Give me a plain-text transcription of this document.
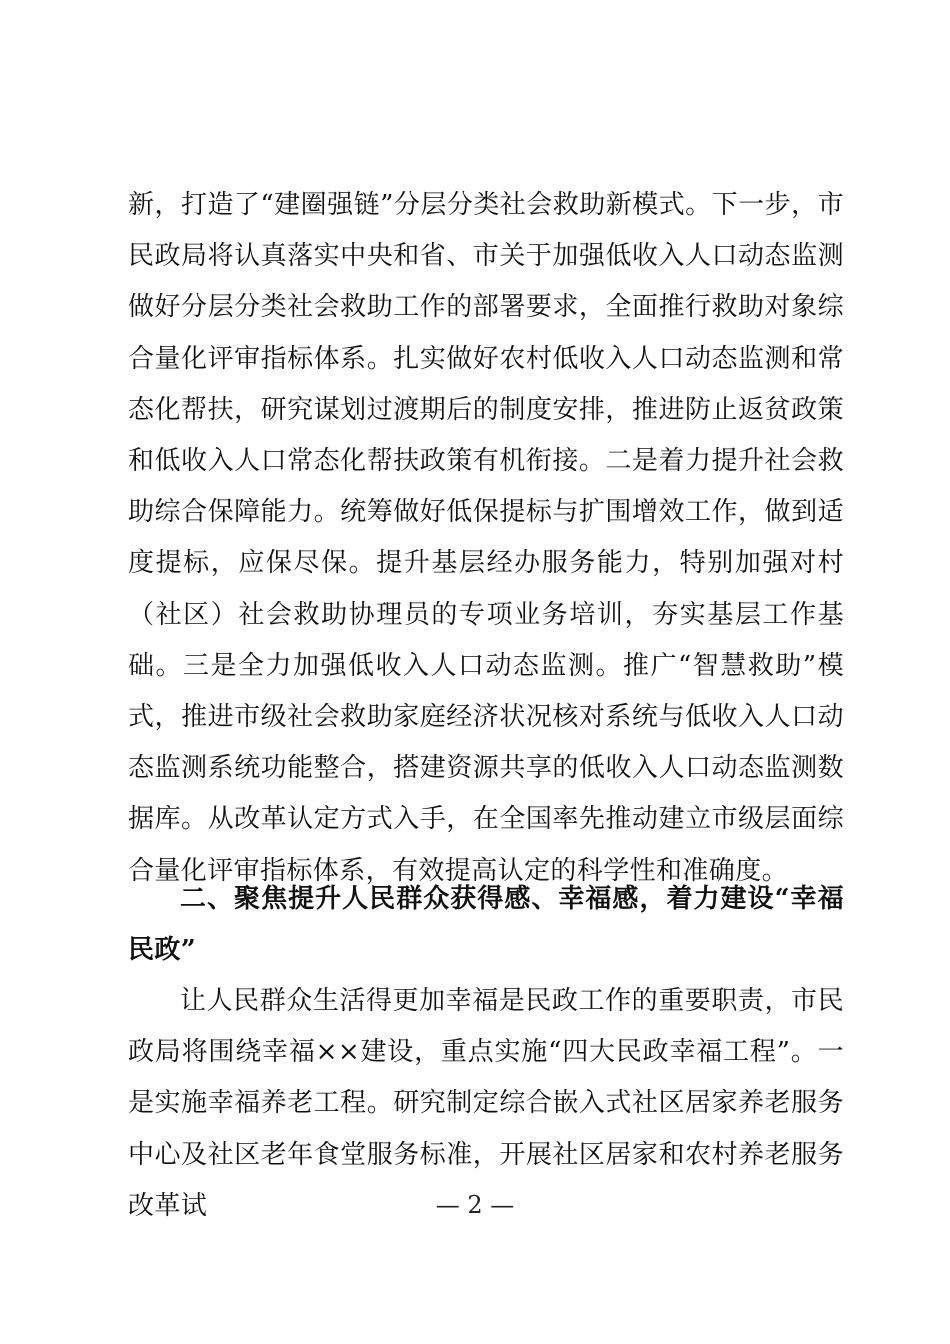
新，打造了“建圈强链”分层分类社会救助新模式。下一步，市民政局将认真落实中央和省、市关于加强低收入人口动态监测做好分层分类社会救助工作的部署要求，全面推行救助对象综合量化评审指标体系。扎实做好农村低收入人口动态监测和常态化帮扶，研究谋划过渡期后的制度安排，推进防止返贫政策和低收入人口常态化帮扶政策有机衔接。二是着力提升社会救助综合保障能力。统筹做好低保提标与扩围增效工作，做到适度提标，应保尽保。提升基层经办服务能力，特别加强对村（社区）社会救助协理员的专项业务培训，夯实基层工作基础。三是全力加强低收入人口动态监测。推广“智慧救助”模式，推进市级社会救助家庭经济状况核对系统与低收入人口动态监测系统功能整合，搭建资源共享的低收入人口动态监测数据库。从改革认定方式入手，在全国率先推动建立市级层面综合量化评审指标体系，有效提高认定的科学性和准确度。
二、聚焦提升人民群众获得感、幸福感，着力建设“幸福民政”
让人民群众生活得更加幸福是民政工作的重要职责，市民政局将围绕幸福××建设，重点实施“四大民政幸福工程”。一是实施幸福养老工程。研究制定综合嵌入式社区居家养老服务中心及社区老年食堂服务标准，开展社区居家和农村养老服务改革试	— 2 —
